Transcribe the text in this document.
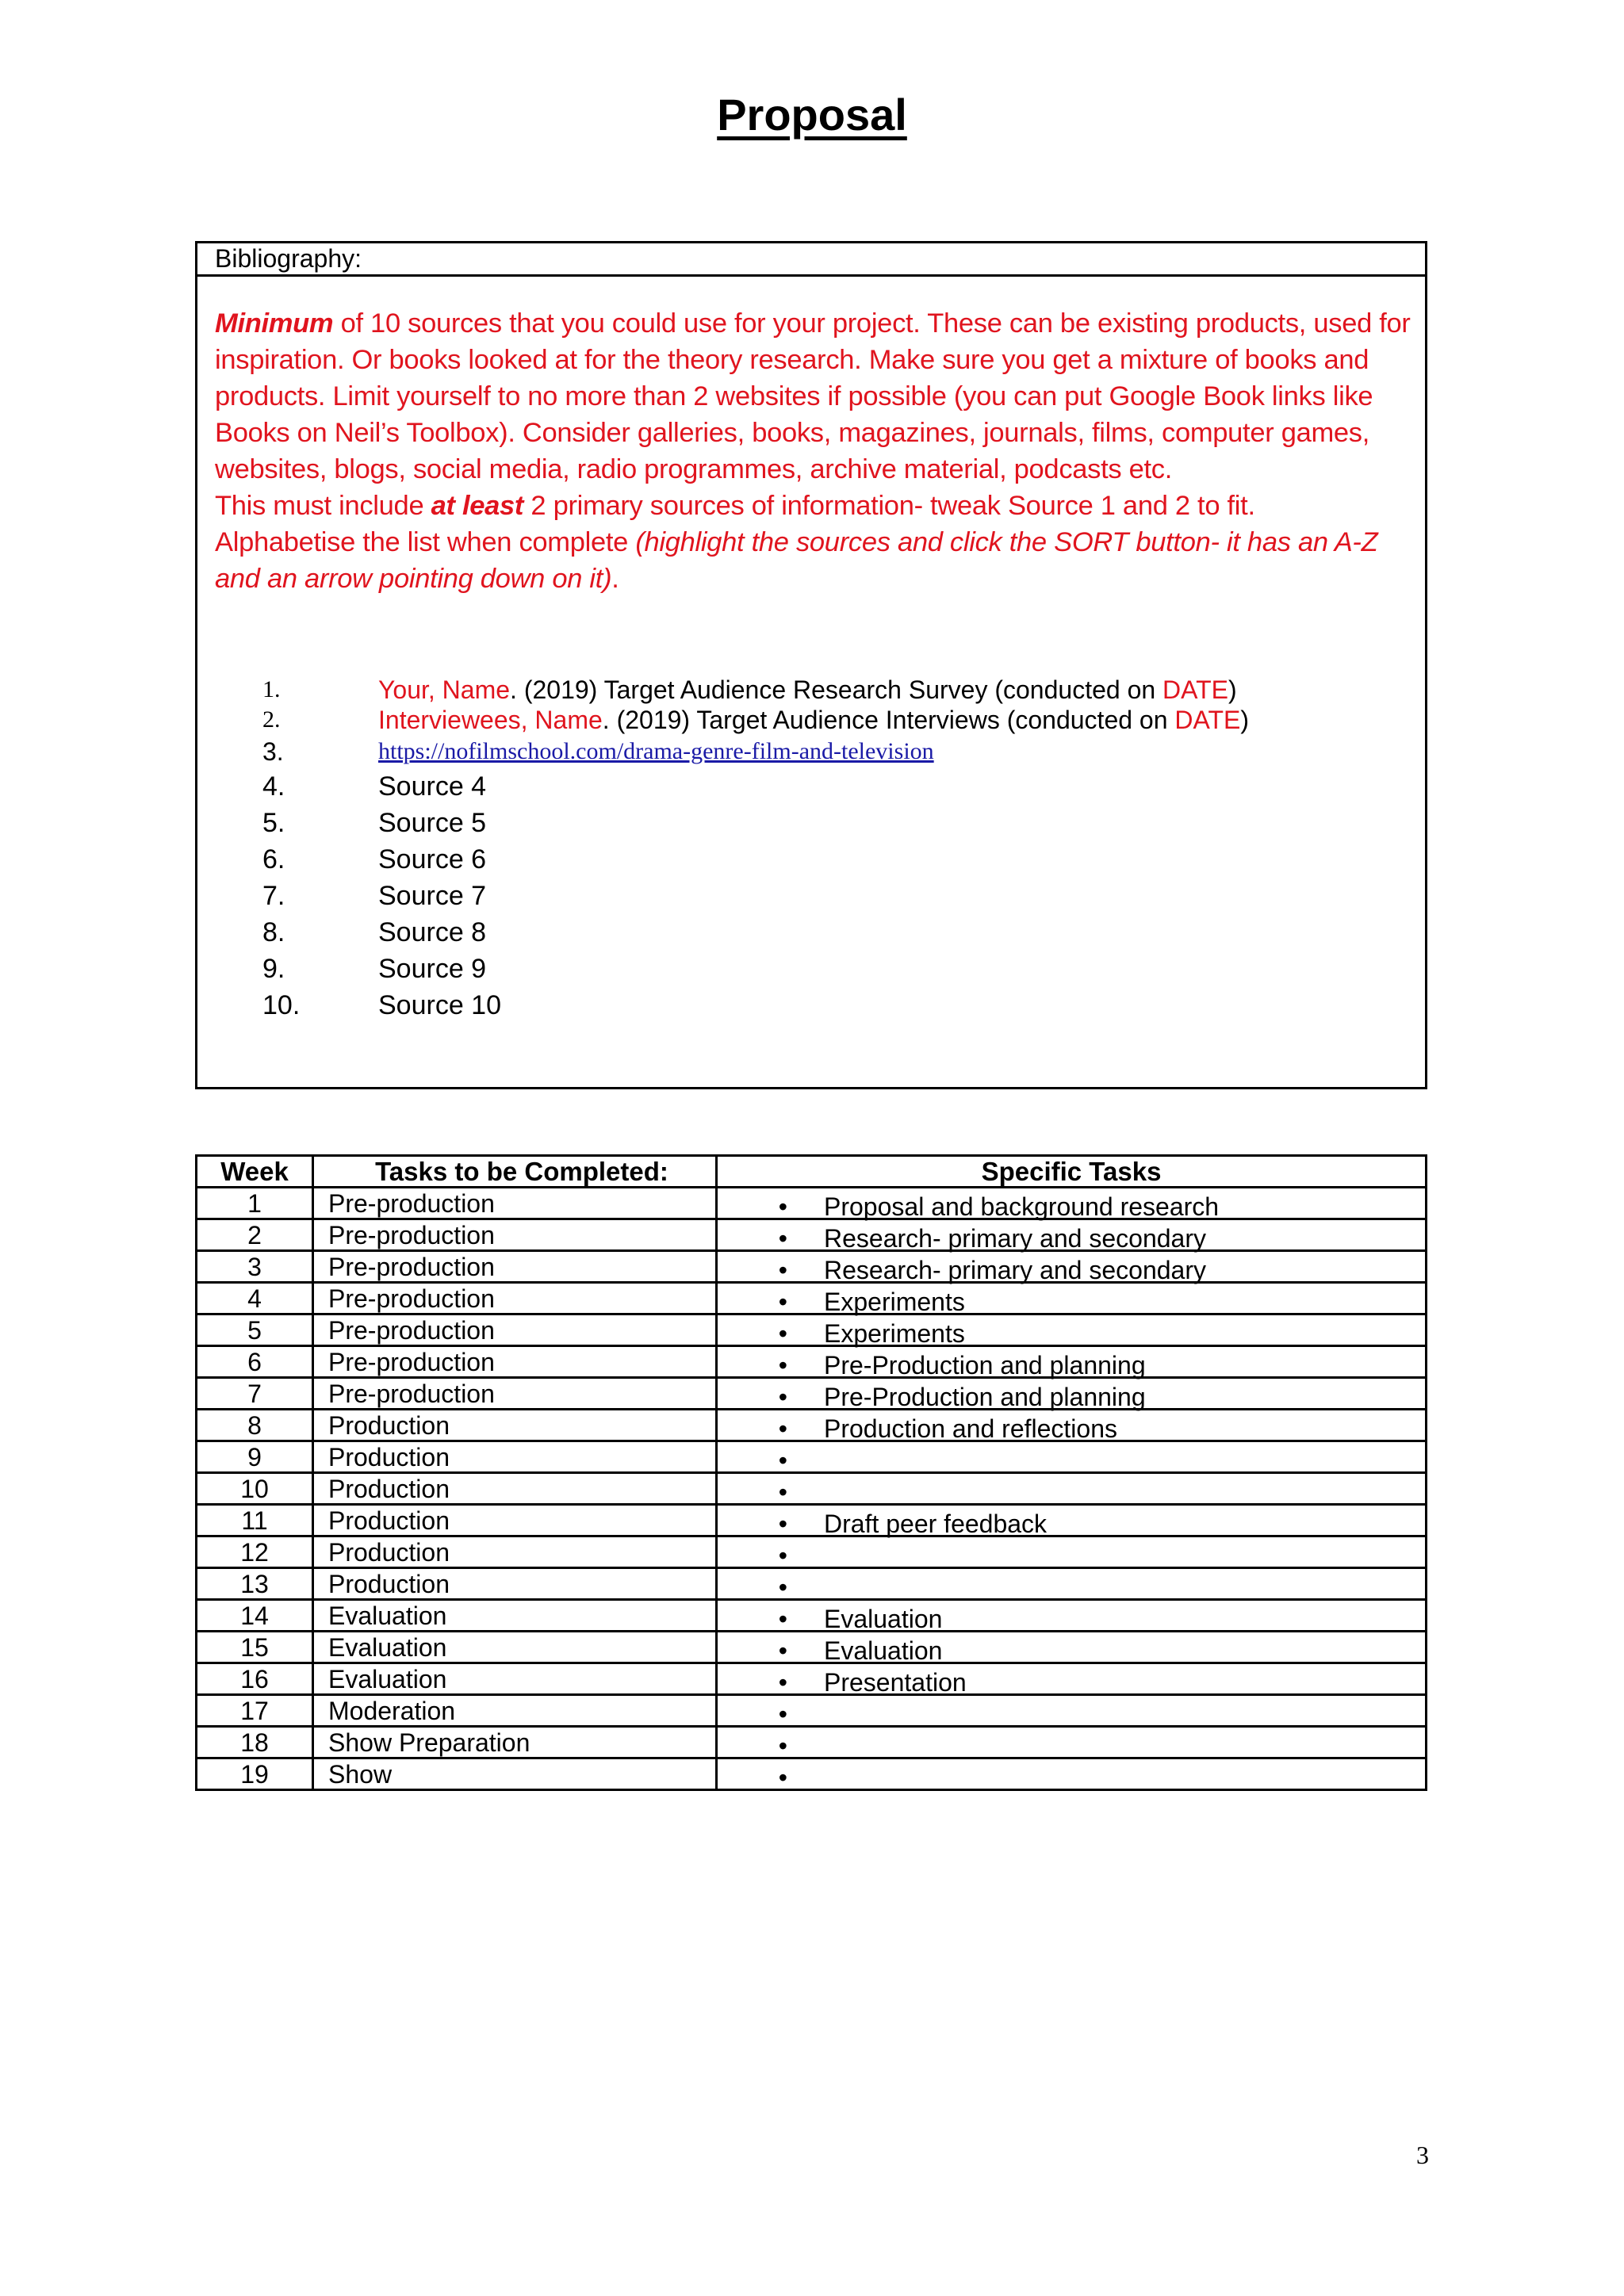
Proposal
Bibliography:
Minimum of 10 sources that you could use for your project. These can be existing products, used for inspiration. Or books looked at for the theory research. Make sure you get a mixture of books and products. Limit yourself to no more than 2 websites if possible (you can put Google Book links like Books on Neil’s Toolbox). Consider galleries, books, magazines, journals, films, computer games, websites, blogs, social media, radio programmes, archive material, podcasts etc.
This must include at least 2 primary sources of information- tweak Source 1 and 2 to fit.
Alphabetise the list when complete (highlight the sources and click the SORT button- it has an A-Z and an arrow pointing down on it).
1.	Your, Name. (2019) Target Audience Research Survey (conducted on DATE)
2.	Interviewees, Name. (2019) Target Audience Interviews (conducted on DATE)
3.	https://nofilmschool.com/drama-genre-film-and-television
4.	Source 4
5.	Source 5
6.	Source 6
7.	Source 7
8.	Source 8
9.	Source 9
10.	Source 10
Week	Tasks to be Completed:	Specific Tasks
1	Pre-production	• Proposal and background research
2	Pre-production	• Research- primary and secondary
3	Pre-production	• Research- primary and secondary
4	Pre-production	• Experiments
5	Pre-production	• Experiments
6	Pre-production	• Pre-Production and planning
7	Pre-production	• Pre-Production and planning
8	Production	• Production and reflections
9	Production	•
10	Production	•
11	Production	• Draft peer feedback
12	Production	•
13	Production	•
14	Evaluation	• Evaluation
15	Evaluation	• Evaluation
16	Evaluation	• Presentation
17	Moderation	•
18	Show Preparation	•
19	Show	•
3
